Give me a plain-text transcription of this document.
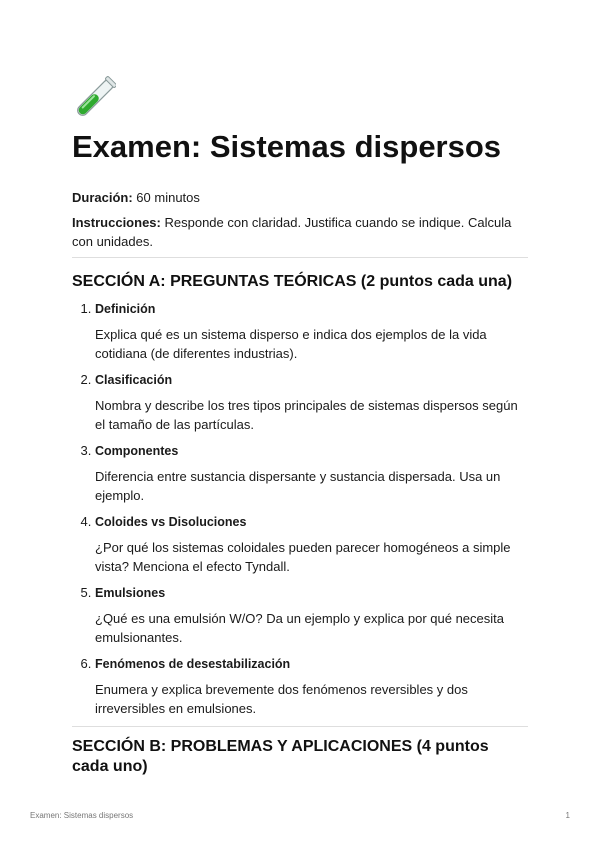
Examen: Sistemas dispersos

Duración: 60 minutos

Instrucciones: Responde con claridad. Justifica cuando se indique. Calcula con unidades.

SECCIÓN A: PREGUNTAS TEÓRICAS (2 puntos cada una)
1. Definición
Explica qué es un sistema disperso e indica dos ejemplos de la vida cotidiana (de diferentes industrias).
2. Clasificación
Nombra y describe los tres tipos principales de sistemas dispersos según el tamaño de las partículas.
3. Componentes
Diferencia entre sustancia dispersante y sustancia dispersada. Usa un ejemplo.
4. Coloides vs Disoluciones
¿Por qué los sistemas coloidales pueden parecer homogéneos a simple vista? Menciona el efecto Tyndall.
5. Emulsiones
¿Qué es una emulsión W/O? Da un ejemplo y explica por qué necesita emulsionantes.
6. Fenómenos de desestabilización
Enumera y explica brevemente dos fenómenos reversibles y dos irreversibles en emulsiones.
SECCIÓN B: PROBLEMAS Y APLICACIONES (4 puntos cada uno)
Examen: Sistemas dispersos	1
